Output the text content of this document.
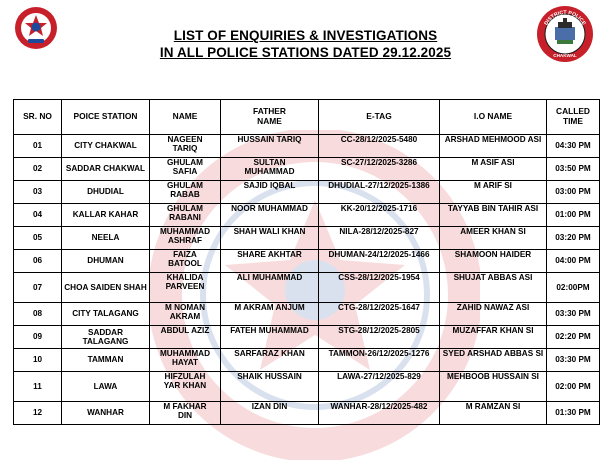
DISTRICT POLICE
CHAKWAL
LIST OF ENQUIRIES & INVESTIGATIONS
IN ALL POLICE STATIONS DATED 29.12.2025
SR. NO	POICE STATION	NAME	FATHER NAME	E-TAG	I.O NAME	CALLED TIME
01	CITY CHAKWAL	NAGEEN TARIQ	HUSSAIN TARIQ	CC-28/12/2025-5480	ARSHAD MEHMOOD ASI	04:30 PM
02	SADDAR CHAKWAL	GHULAM SAFIA	SULTAN MUHAMMAD	SC-27/12/2025-3286	M ASIF ASI	03:50 PM
03	DHUDIAL	GHULAM RABAB	SAJID IQBAL	DHUDIAL-27/12/2025-1386	M ARIF SI	03:00 PM
04	KALLAR KAHAR	GHULAM RABANI	NOOR MUHAMMAD	KK-20/12/2025-1716	TAYYAB BIN TAHIR ASI	01:00 PM
05	NEELA	MUHAMMAD ASHRAF	SHAH WALI KHAN	NILA-28/12/2025-827	AMEER KHAN SI	03:20 PM
06	DHUMAN	FAIZA BATOOL	SHARE AKHTAR	DHUMAN-24/12/2025-1466	SHAMOON HAIDER	04:00 PM
07	CHOA SAIDEN SHAH	KHALIDA PARVEEN	ALI MUHAMMAD	CSS-28/12/2025-1954	SHUJAT ABBAS ASI	02:00PM
08	CITY TALAGANG	M NOMAN AKRAM	M AKRAM ANJUM	CTG-28/12/2025-1647	ZAHID NAWAZ ASI	03:30 PM
09	SADDAR TALAGANG	ABDUL AZIZ	FATEH MUHAMMAD	STG-28/12/2025-2805	MUZAFFAR KHAN SI	02:20 PM
10	TAMMAN	MUHAMMAD HAYAT	SARFARAZ KHAN	TAMMON-26/12/2025-1276	SYED ARSHAD ABBAS SI	03:30 PM
11	LAWA	HIFZULAH YAR KHAN	SHAIK HUSSAIN	LAWA-27/12/2025-829	MEHBOOB HUSSAIN SI	02:00 PM
12	WANHAR	M FAKHAR DIN	IZAN DIN	WANHAR-28/12/2025-482	M RAMZAN SI	01:30 PM
